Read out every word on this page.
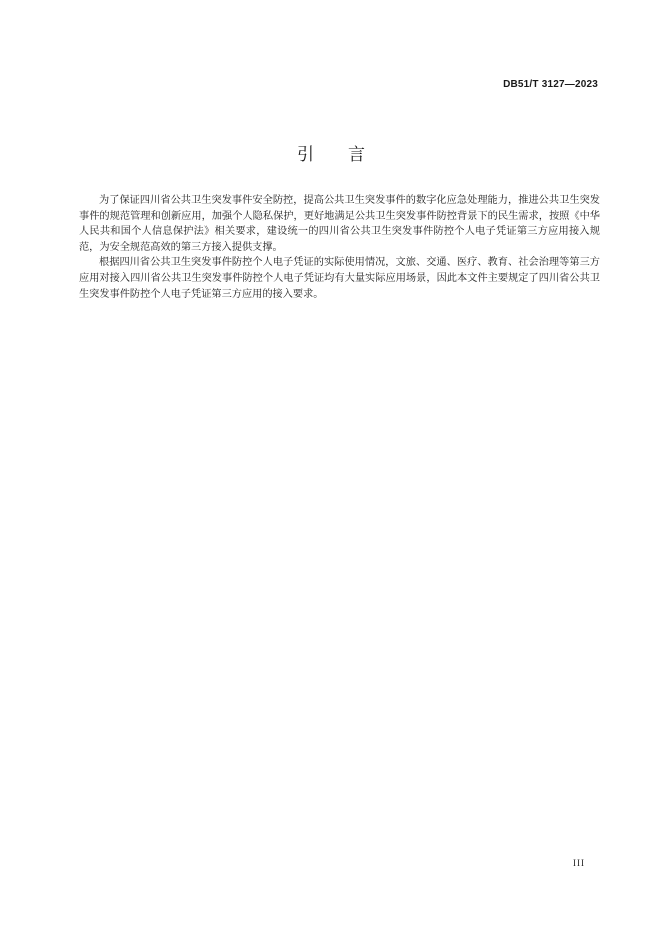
DB51/T 3127—2023
引言

为了保证四川省公共卫生突发事件安全防控，提高公共卫生突发事件的数字化应急处理能力，推进公共卫生突发事件的规范管理和创新应用，加强个人隐私保护，更好地满足公共卫生突发事件防控背景下的民生需求，按照《中华人民共和国个人信息保护法》相关要求，建设统一的四川省公共卫生突发事件防控个人电子凭证第三方应用接入规范，为安全规范高效的第三方接入提供支撑。

根据四川省公共卫生突发事件防控个人电子凭证的实际使用情况，文旅、交通、医疗、教育、社会治理等第三方应用对接入四川省公共卫生突发事件防控个人电子凭证均有大量实际应用场景，因此本文件主要规定了四川省公共卫生突发事件防控个人电子凭证第三方应用的接入要求。

III
